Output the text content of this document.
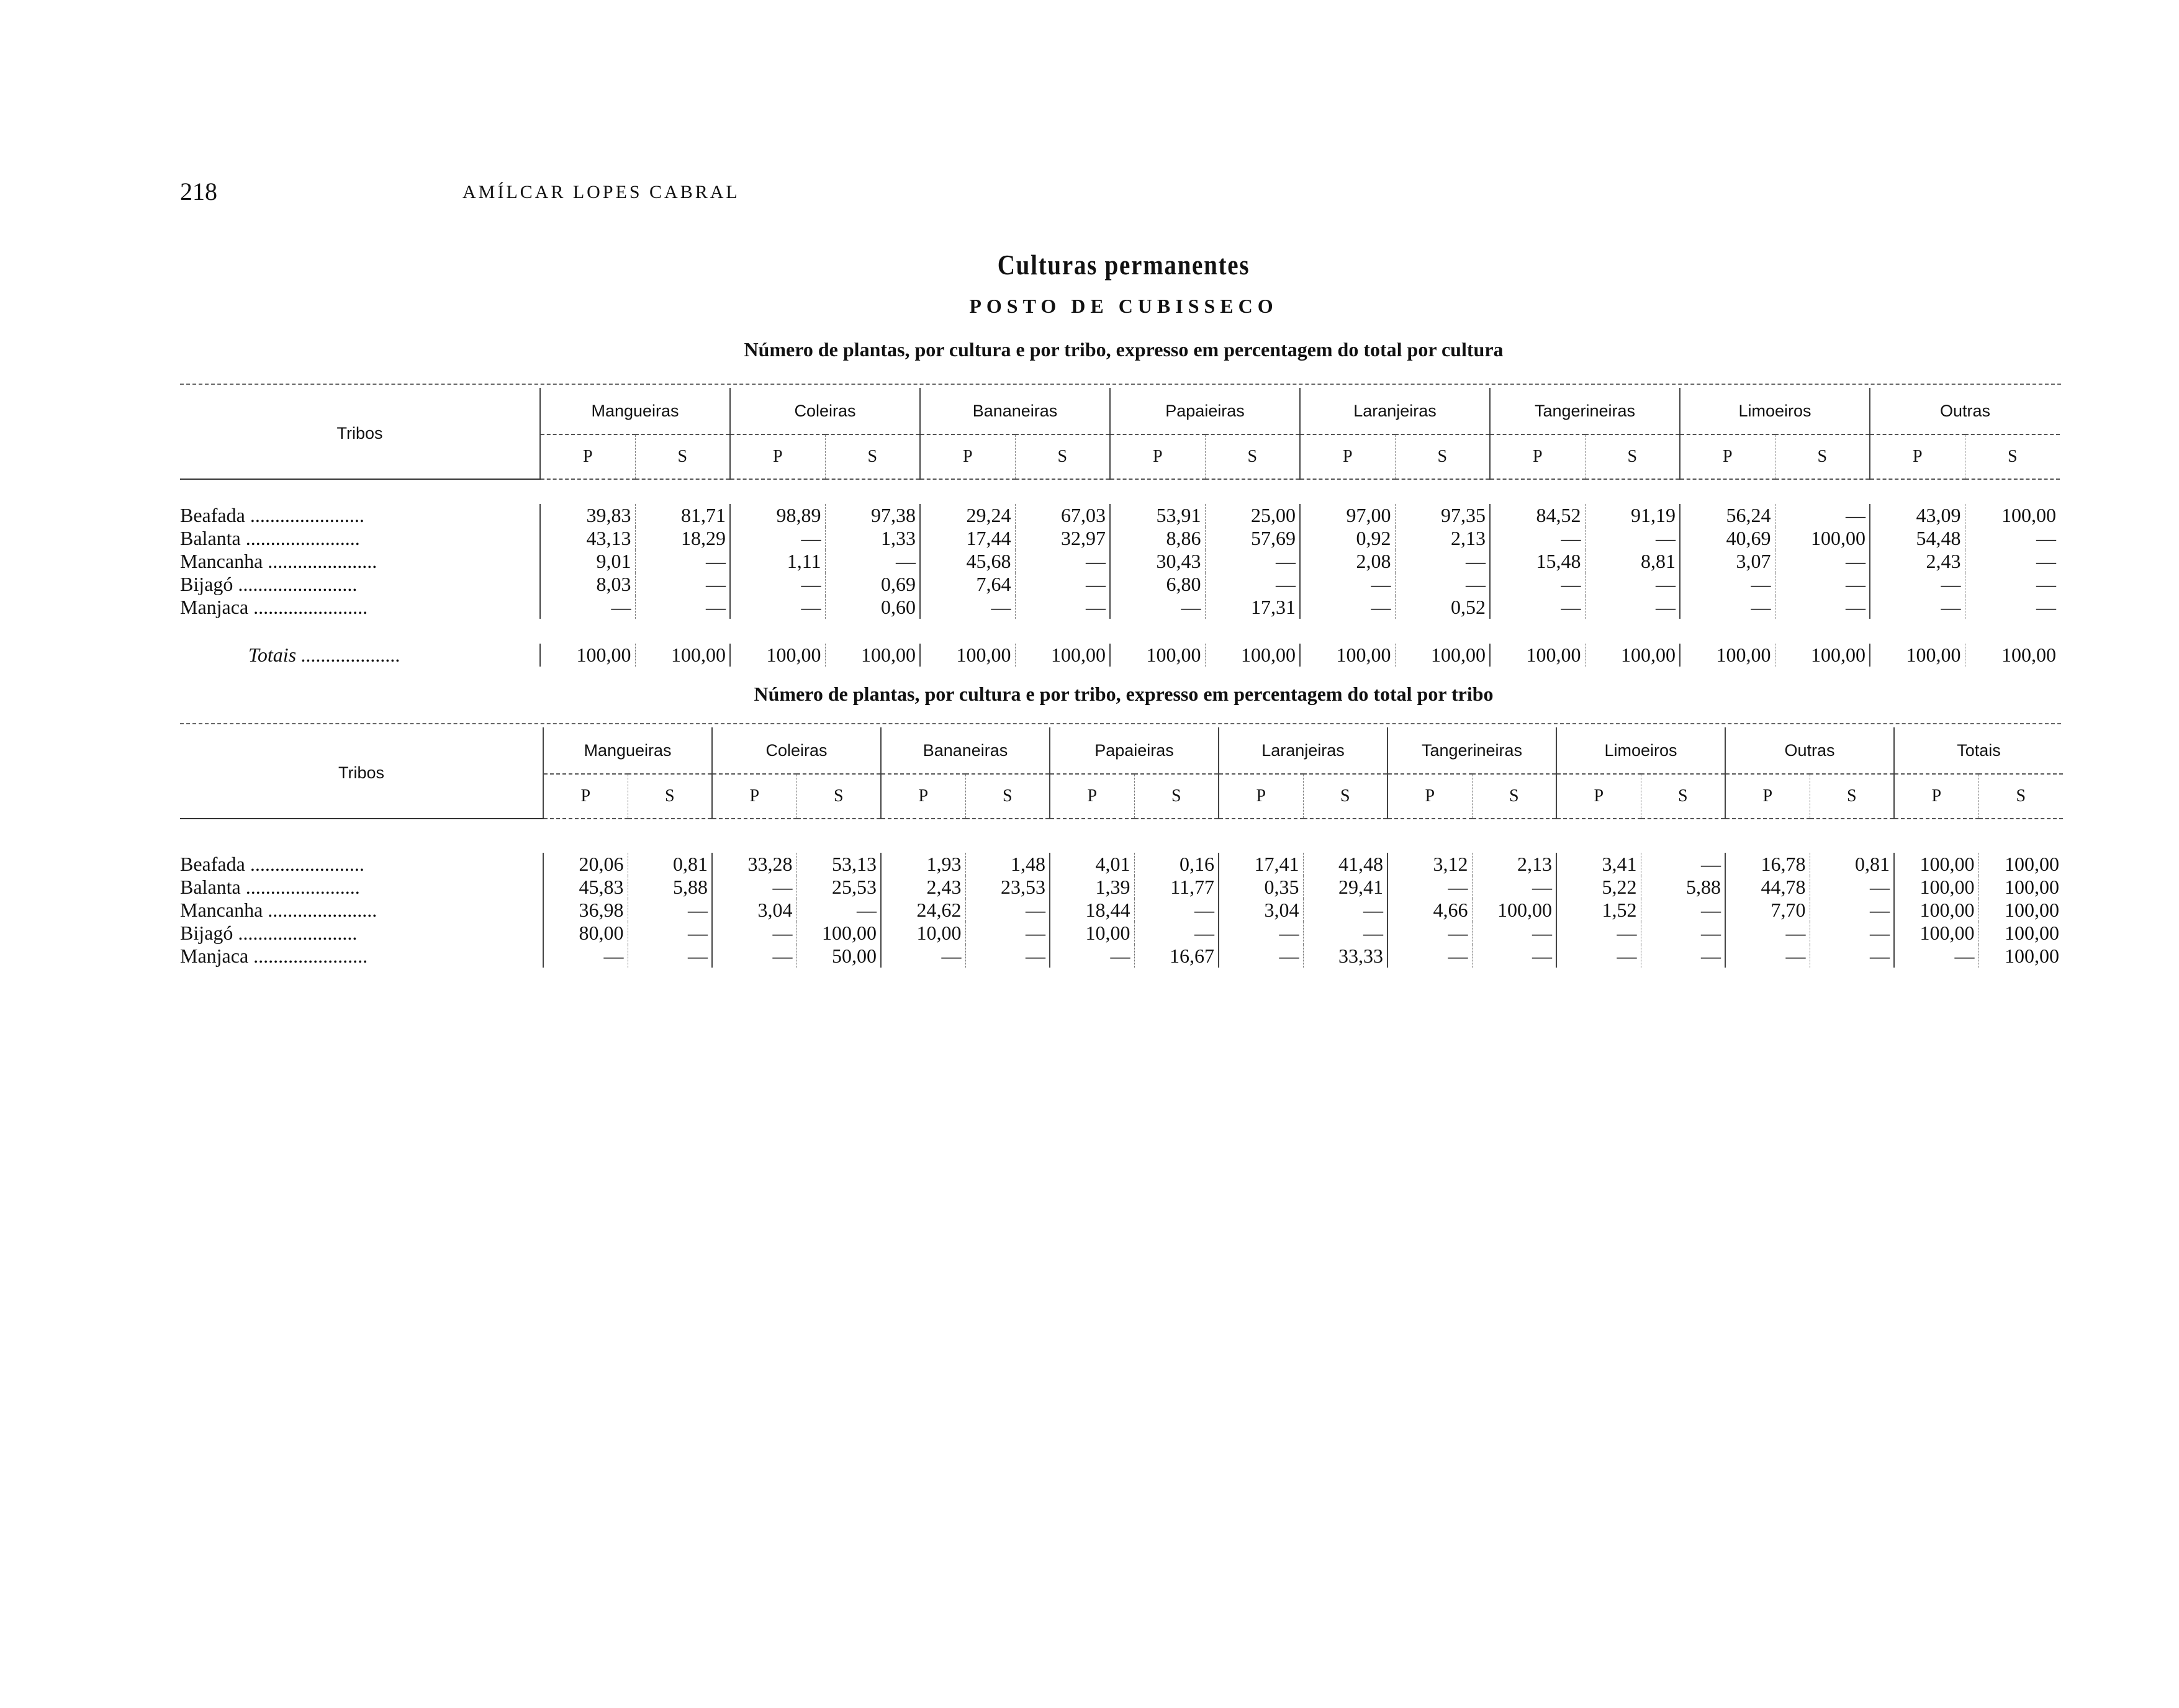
218	AMÍLCAR LOPES CABRAL
Culturas permanentes
POSTO DE CUBISSECO
Número de plantas, por cultura e por tribo, expresso em percentagem do total por cultura
Número de plantas, por cultura e por tribo, expresso em percentagem do total por tribo
Tribos	Mangueiras		Coleiras		Bananeiras		Papaieiras		Laranjeiras		Tangerineiras		Limoeiros		Outras	
	P	S	P	S	P	S	P	S	P	S	P	S	P	S	P	S

Beafada .......................	39,83	81,71	98,89	97,38	29,24	67,03	53,91	25,00	97,00	97,35	84,52	91,19	56,24	—	43,09	100,00
Balanta .......................	43,13	18,29	—	1,33	17,44	32,97	8,86	57,69	0,92	2,13	—	—	40,69	100,00	54,48	—
Mancanha ......................	9,01	—	1,11	—	45,68	—	30,43	—	2,08	—	15,48	8,81	3,07	—	2,43	—
Bijagó ........................	8,03	—	—	0,69	7,64	—	6,80	—	—	—	—	—	—	—	—	—
Manjaca .......................	—	—	—	0,60	—	—	—	17,31	—	0,52	—	—	—	—	—	—

Totais ....................	100,00	100,00	100,00	100,00	100,00	100,00	100,00	100,00	100,00	100,00	100,00	100,00	100,00	100,00	100,00	100,00
Tribos	Mangueiras		Coleiras		Bananeiras		Papaieiras		Laranjeiras		Tangerineiras		Limoeiros		Outras		Totais	
	P	S	P	S	P	S	P	S	P	S	P	S	P	S	P	S	P	S

Beafada .......................	20,06	0,81	33,28	53,13	1,93	1,48	4,01	0,16	17,41	41,48	3,12	2,13	3,41	—	16,78	0,81	100,00	100,00
Balanta .......................	45,83	5,88	—	25,53	2,43	23,53	1,39	11,77	0,35	29,41	—	—	5,22	5,88	44,78	—	100,00	100,00
Mancanha ......................	36,98	—	3,04	—	24,62	—	18,44	—	3,04	—	4,66	100,00	1,52	—	7,70	—	100,00	100,00
Bijagó ........................	80,00	—	—	100,00	10,00	—	10,00	—	—	—	—	—	—	—	—	—	100,00	100,00
Manjaca .......................	—	—	—	50,00	—	—	—	16,67	—	33,33	—	—	—	—	—	—	—	100,00
